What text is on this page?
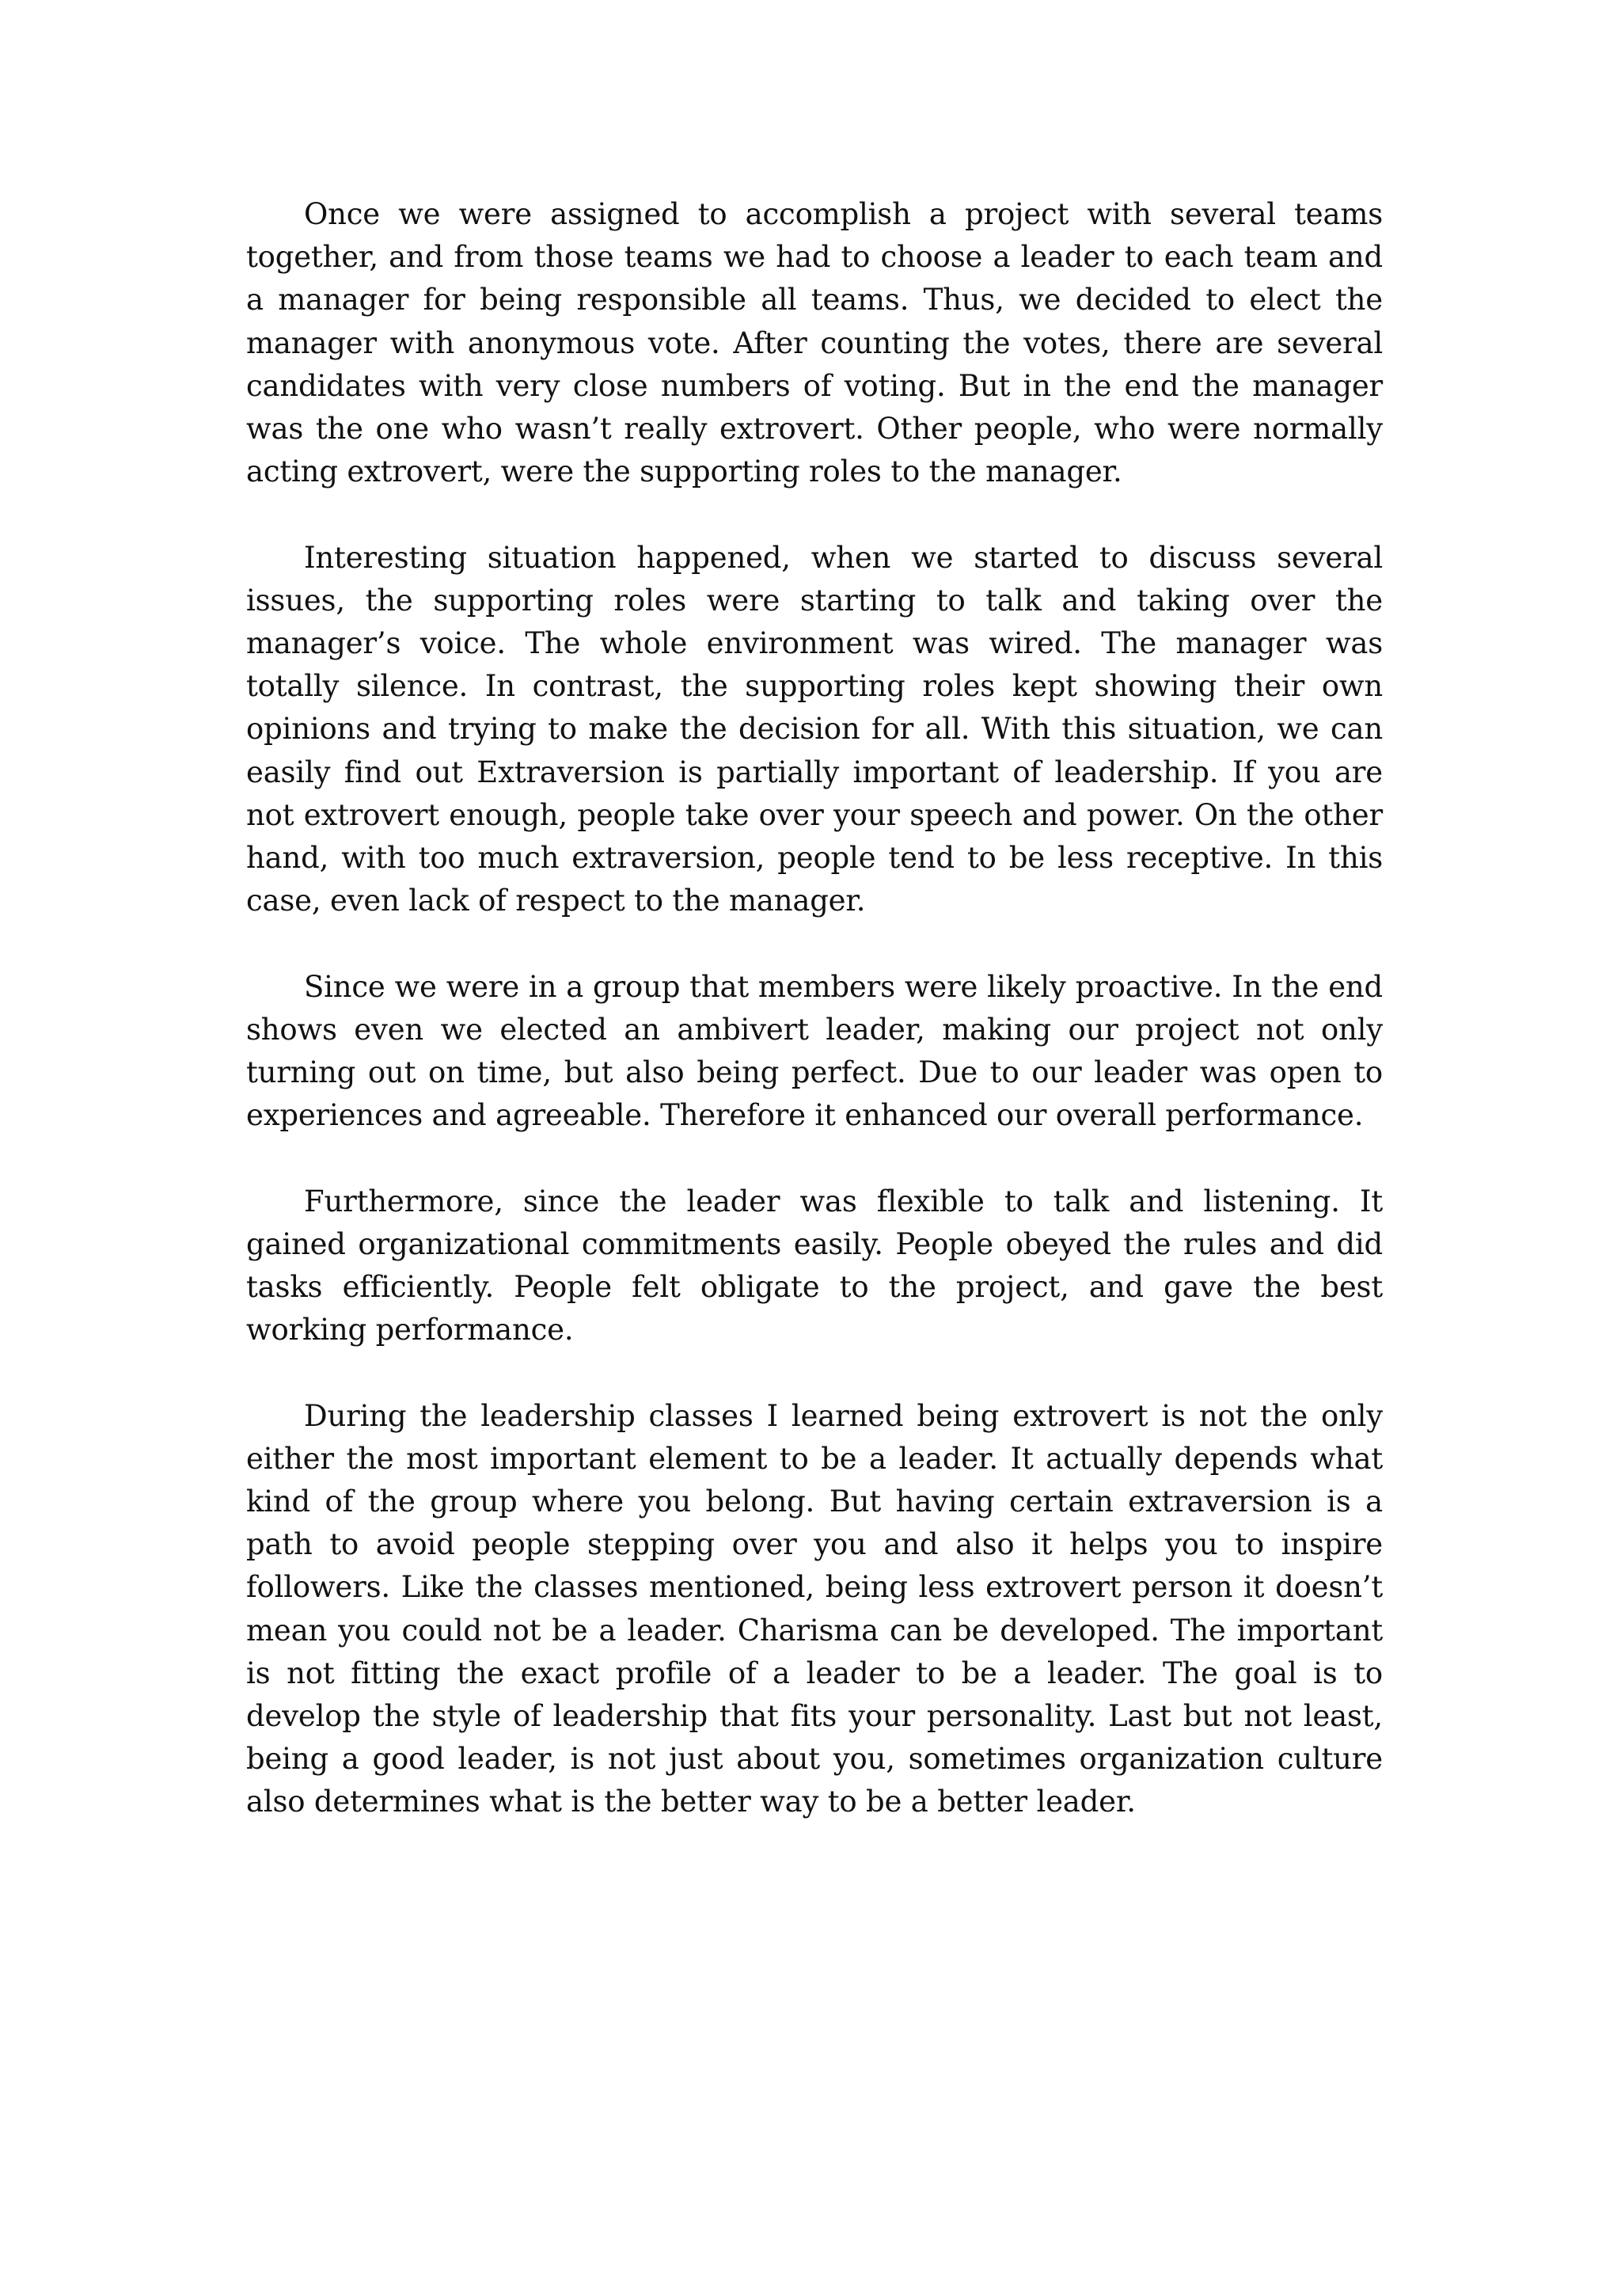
Once we were assigned to accomplish a project with several teams together, and from those teams we had to choose a leader to each team and a manager for being responsible all teams. Thus, we decided to elect the manager with anonymous vote. After counting the votes, there are several candidates with very close numbers of voting. But in the end the manager was the one who wasn’t really extrovert. Other people, who were normally acting extrovert, were the supporting roles to the manager.

Interesting situation happened, when we started to discuss several issues, the supporting roles were starting to talk and taking over the manager’s voice. The whole environment was wired. The manager was totally silence. In contrast, the supporting roles kept showing their own opinions and trying to make the decision for all. With this situation, we can easily find out Extraversion is partially important of leadership. If you are not extrovert enough, people take over your speech and power. On the other hand, with too much extraversion, people tend to be less receptive. In this case, even lack of respect to the manager.

Since we were in a group that members were likely proactive. In the end shows even we elected an ambivert leader, making our project not only turning out on time, but also being perfect. Due to our leader was open to experiences and agreeable. Therefore it enhanced our overall performance.

Furthermore, since the leader was flexible to talk and listening. It gained organizational commitments easily. People obeyed the rules and did tasks efficiently. People felt obligate to the project, and gave the best working performance.

During the leadership classes I learned being extrovert is not the only either the most important element to be a leader. It actually depends what kind of the group where you belong. But having certain extraversion is a path to avoid people stepping over you and also it helps you to inspire followers. Like the classes mentioned, being less extrovert person it doesn’t mean you could not be a leader. Charisma can be developed. The important is not fitting the exact profile of a leader to be a leader. The goal is to develop the style of leadership that fits your personality. Last but not least, being a good leader, is not just about you, sometimes organization culture also determines what is the better way to be a better leader.
